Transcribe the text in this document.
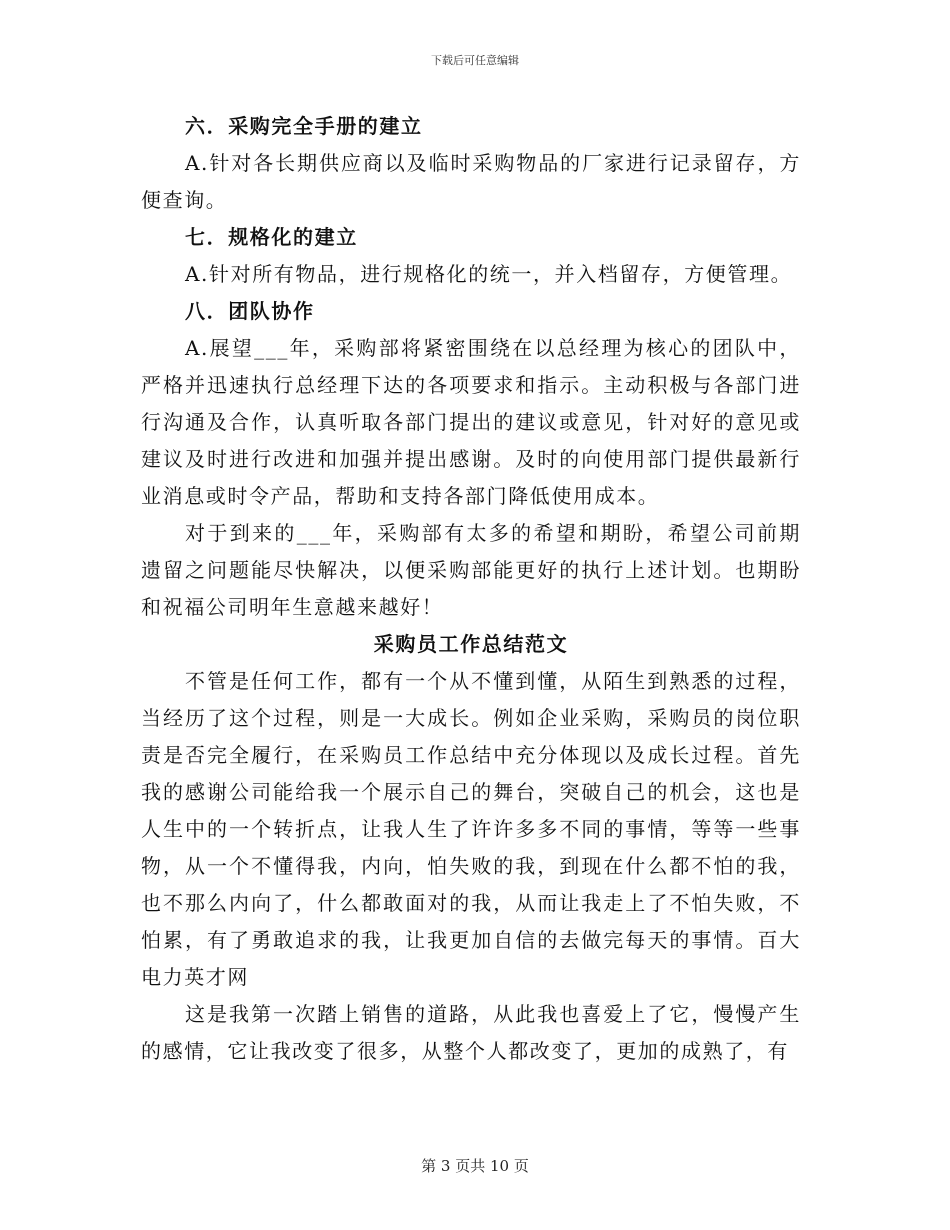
下载后可任意编辑

六．采购完全手册的建立

A.针对各长期供应商以及临时采购物品的厂家进行记录留存，方便查询。

七．规格化的建立

A.针对所有物品，进行规格化的统一，并入档留存，方便管理。

八．团队协作

A.展望___年，采购部将紧密围绕在以总经理为核心的团队中，严格并迅速执行总经理下达的各项要求和指示。主动积极与各部门进行沟通及合作，认真听取各部门提出的建议或意见，针对好的意见或建议及时进行改进和加强并提出感谢。及时的向使用部门提供最新行业消息或时令产品，帮助和支持各部门降低使用成本。

对于到来的___年，采购部有太多的希望和期盼，希望公司前期遗留之问题能尽快解决，以便采购部能更好的执行上述计划。也期盼和祝福公司明年生意越来越好！

采购员工作总结范文

不管是任何工作，都有一个从不懂到懂，从陌生到熟悉的过程，当经历了这个过程，则是一大成长。例如企业采购，采购员的岗位职责是否完全履行，在采购员工作总结中充分体现以及成长过程。首先我的感谢公司能给我一个展示自己的舞台，突破自己的机会，这也是人生中的一个转折点，让我人生了许许多多不同的事情，等等一些事物，从一个不懂得我，内向，怕失败的我，到现在什么都不怕的我，也不那么内向了，什么都敢面对的我，从而让我走上了不怕失败，不怕累，有了勇敢追求的我，让我更加自信的去做完每天的事情。百大电力英才网

这是我第一次踏上销售的道路，从此我也喜爱上了它，慢慢产生的感情，它让我改变了很多，从整个人都改变了，更加的成熟了，有

第 3 页共 10 页
